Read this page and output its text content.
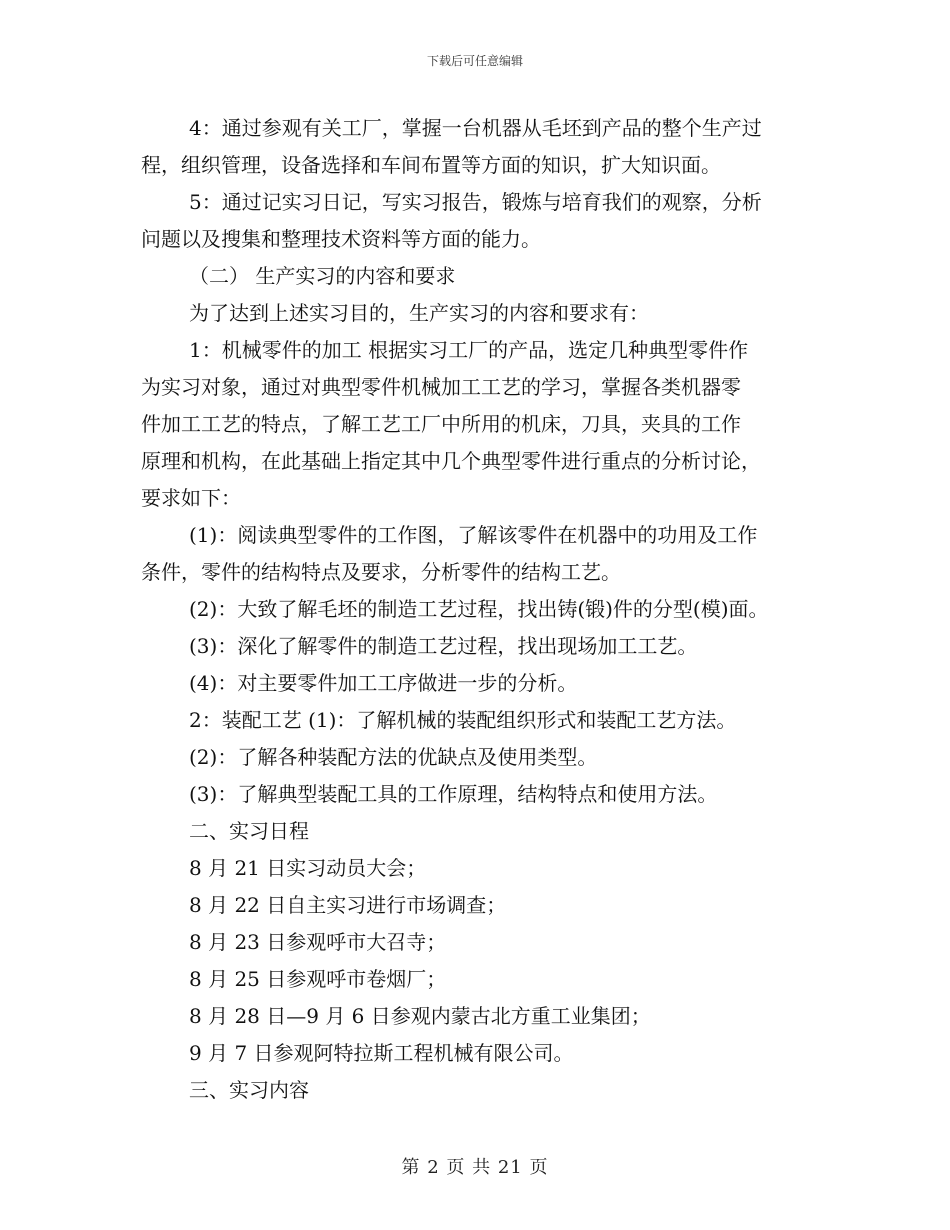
下载后可任意编辑

4：通过参观有关工厂，掌握一台机器从毛坯到产品的整个生产过
程，组织管理，设备选择和车间布置等方面的知识，扩大知识面。

5：通过记实习日记，写实习报告，锻炼与培育我们的观察，分析
问题以及搜集和整理技术资料等方面的能力。

（二） 生产实习的内容和要求

为了达到上述实习目的，生产实习的内容和要求有：

1：机械零件的加工 根据实习工厂的产品，选定几种典型零件作
为实习对象，通过对典型零件机械加工工艺的学习，掌握各类机器零
件加工工艺的特点，了解工艺工厂中所用的机床，刀具，夹具的工作
原理和机构，在此基础上指定其中几个典型零件进行重点的分析讨论，
要求如下：

(1)：阅读典型零件的工作图，了解该零件在机器中的功用及工作
条件，零件的结构特点及要求，分析零件的结构工艺。

(2)：大致了解毛坯的制造工艺过程，找出铸(锻)件的分型(模)面。

(3)：深化了解零件的制造工艺过程，找出现场加工工艺。

(4)：对主要零件加工工序做进一步的分析。

2：装配工艺 (1)：了解机械的装配组织形式和装配工艺方法。

(2)：了解各种装配方法的优缺点及使用类型。

(3)：了解典型装配工具的工作原理，结构特点和使用方法。

二、实习日程

8 月 21 日实习动员大会；

8 月 22 日自主实习进行市场调查；

8 月 23 日参观呼市大召寺；

8 月 25 日参观呼市卷烟厂；

8 月 28 日—9 月 6 日参观内蒙古北方重工业集团；

9 月 7 日参观阿特拉斯工程机械有限公司。

三、实习内容

第 2 页 共 21 页
